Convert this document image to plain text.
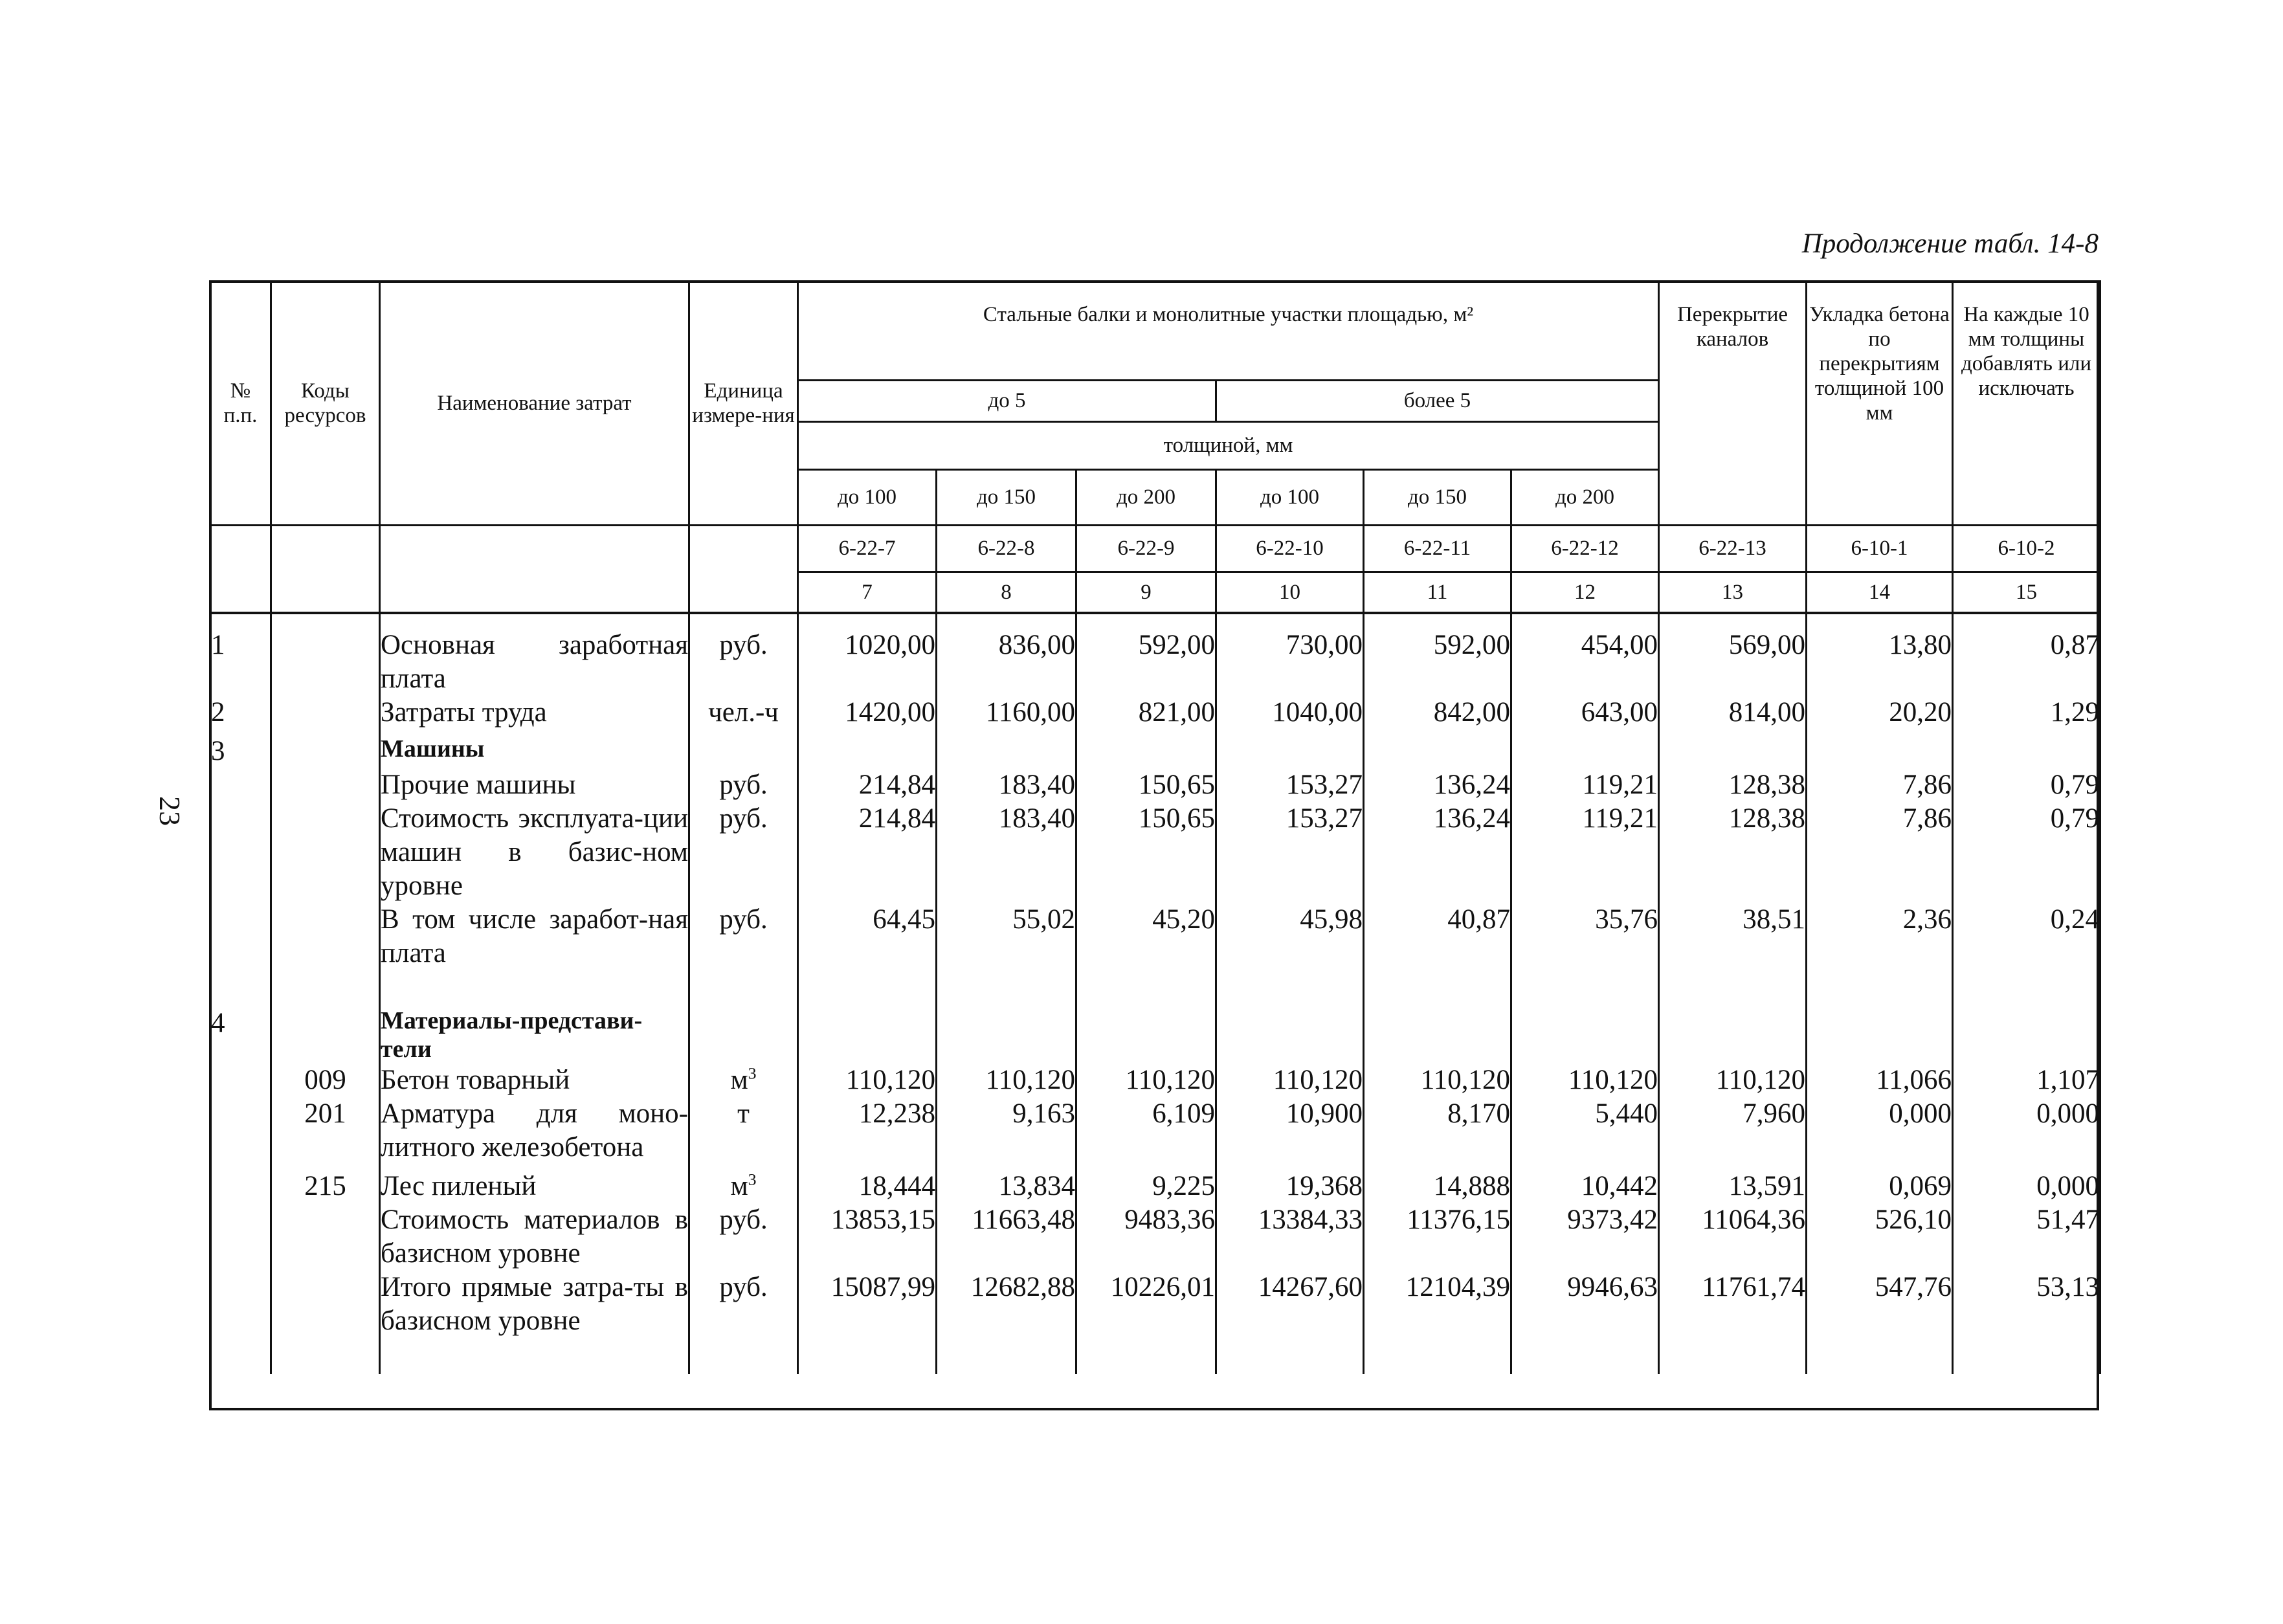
Продолжение табл. 14-8
23
№ п.п.	Коды ресурсов	Наименование затрат	Единица измере-ния	Стальные балки и монолитные участки площадью, м²						Перекрытие каналов	Укладка бетона по перекрытиям толщиной 100 мм	На каждые 10 мм толщины добавлять или исключать
				до 5			более 5					
				толщиной, мм								
				до 100	до 150	до 200	до 100	до 150	до 200			
				6-22-7	6-22-8	6-22-9	6-22-10	6-22-11	6-22-12	6-22-13	6-10-1	6-10-2
				7	8	9	10	11	12	13	14	15
1		Основная заработная плата	руб.	1020,00	836,00	592,00	730,00	592,00	454,00	569,00	13,80	0,87
2		Затраты труда	чел.-ч	1420,00	1160,00	821,00	1040,00	842,00	643,00	814,00	20,20	1,29

3		Машины										
		Прочие машины	руб.	214,84	183,40	150,65	153,27	136,24	119,21	128,38	7,86	0,79
		Стоимость эксплуата-ции машин в базис-ном уровне	руб.	214,84	183,40	150,65	153,27	136,24	119,21	128,38	7,86	0,79
		В том числе заработ-ная плата	руб.	64,45	55,02	45,20	45,98	40,87	35,76	38,51	2,36	0,24

4		Материалы-представи-тели										
	009	Бетон товарный	$м^3$	110,120	110,120	110,120	110,120	110,120	110,120	110,120	11,066	1,107
	201	Арматура для моно-литного железобетона	т	12,238	9,163	6,109	10,900	8,170	5,440	7,960	0,000	0,000

	215	Лес пиленый	$м^3$	18,444	13,834	9,225	19,368	14,888	10,442	13,591	0,069	0,000
		Стоимость материалов в базисном уровне	руб.	13853,15	11663,48	9483,36	13384,33	11376,15	9373,42	11064,36	526,10	51,47
		Итого прямые затра-ты в базисном уровне	руб.	15087,99	12682,88	10226,01	14267,60	12104,39	9946,63	11761,74	547,76	53,13
